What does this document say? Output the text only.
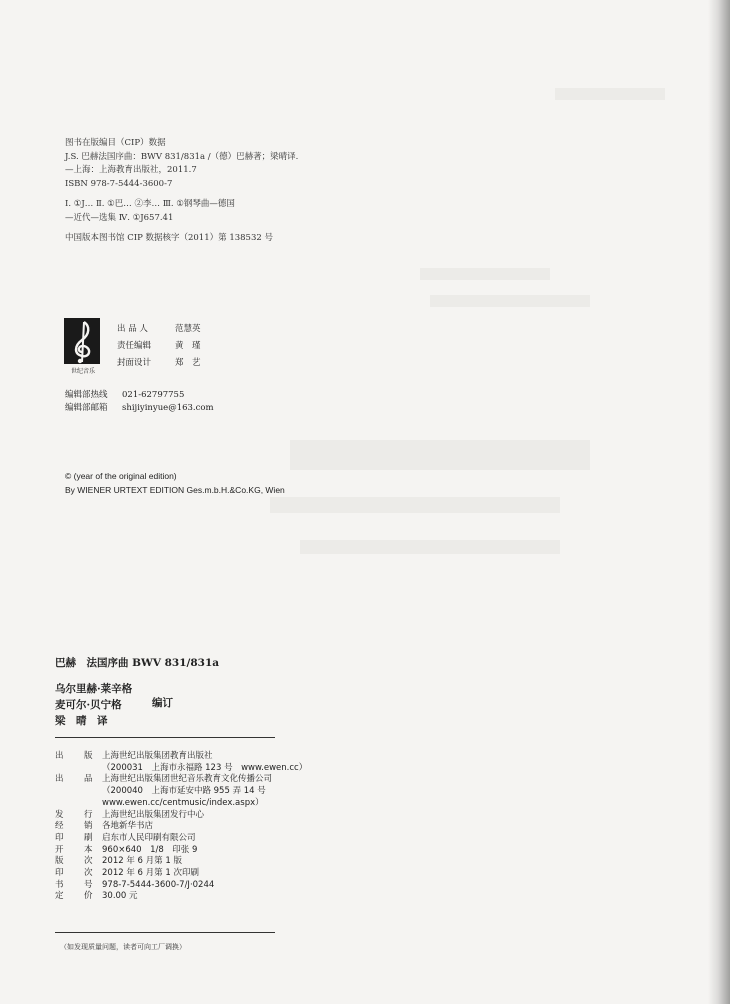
图书在版编目（CIP）数据
J.S. 巴赫法国序曲：BWV 831/831a /（德）巴赫著；梁晴译.
—上海：上海教育出版社，2011.7
ISBN 978-7-5444-3600-7
Ⅰ. ①J… Ⅱ. ①巴… ②李… Ⅲ. ①钢琴曲—德国
—近代—选集 Ⅳ. ①J657.41
中国版本图书馆 CIP 数据核字（2011）第 138532 号
世纪音乐
出 品 人	范慧英
责任编辑	黄　瑾
封面设计	郑　艺
编辑部热线 021-62797755
编辑部邮箱 shijiyinyue@163.com
© (year of the original edition)
By WIENER URTEXT EDITION Ges.m.b.H.&Co.KG, Wien
巴赫　法国序曲 BWV 831/831a
乌尔里赫·莱辛格
麦可尔·贝宁格
梁　晴　译
编订
出 版 上海世纪出版集团教育出版社
（200031　上海市永福路 123 号　www.ewen.cc）
出 品 上海世纪出版集团世纪音乐教育文化传播公司
（200040　上海市延安中路 955 弄 14 号
www.ewen.cc/centmusic/index.aspx）
发 行 上海世纪出版集团发行中心
经 销 各地新华书店
印 刷 启东市人民印刷有限公司
开 本 960×640　1/8　印张 9
版 次 2012 年 6 月第 1 版
印 次 2012 年 6 月第 1 次印刷
书 号 978-7-5444-3600-7/J·0244
定 价 30.00 元
（如发现质量问题，读者可向工厂调换）
